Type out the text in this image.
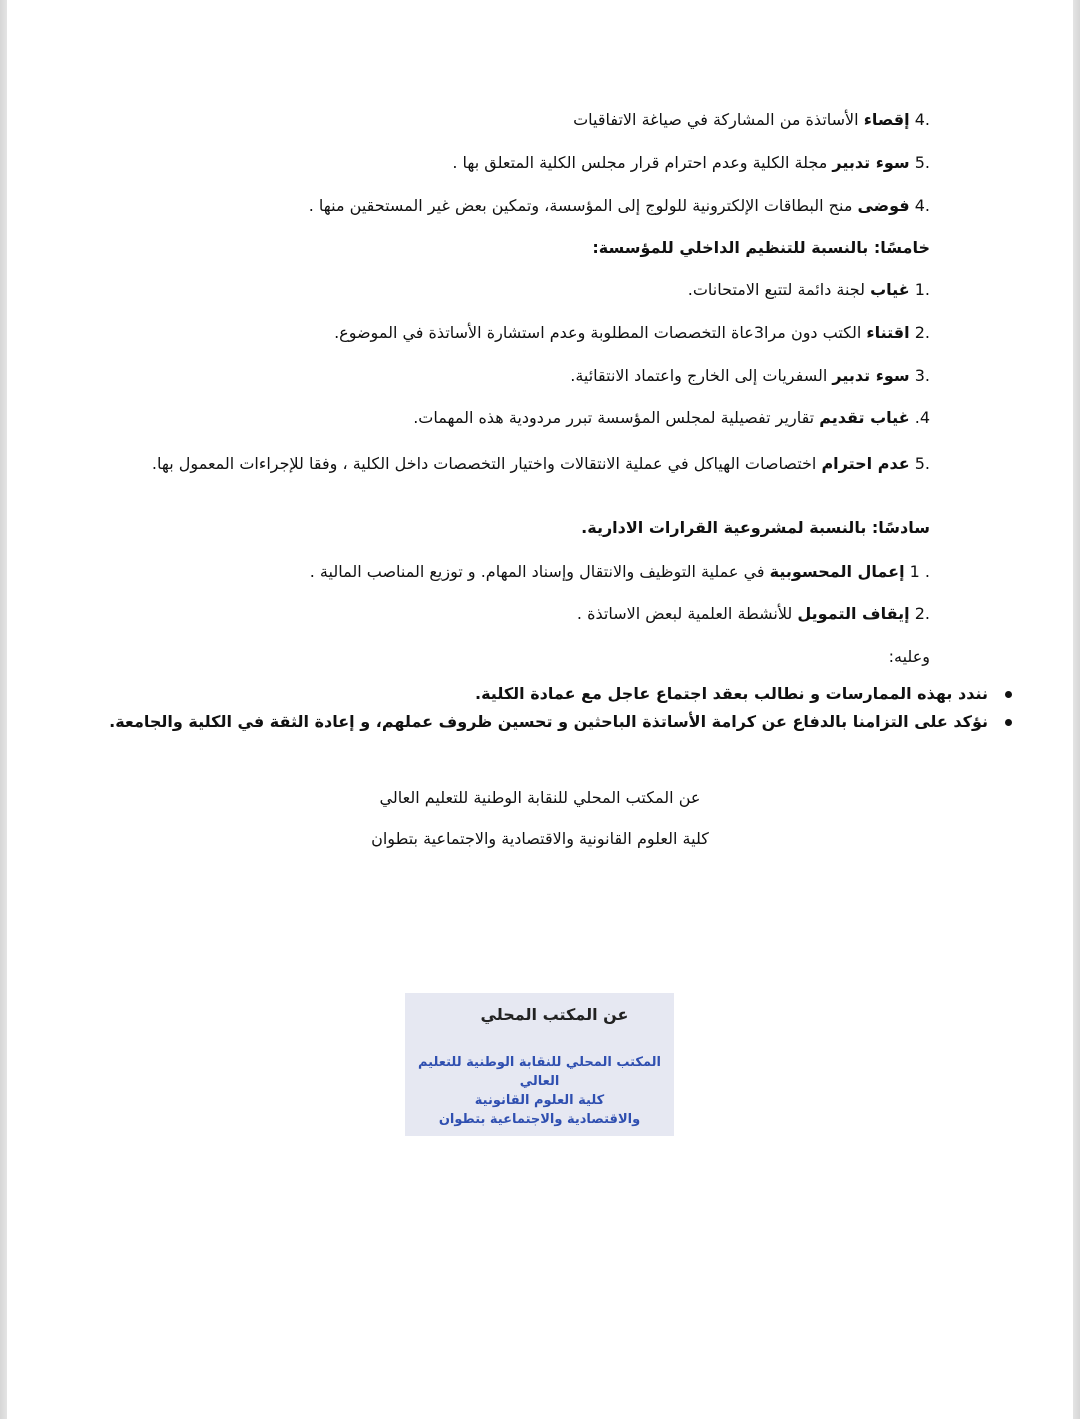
4. إقصاء الأساتذة من المشاركة في صياغة الاتفاقيات
5. سوء تدبير مجلة الكلية وعدم احترام قرار مجلس الكلية المتعلق بها .
4. فوضى منح البطاقات الإلكترونية للولوج إلى المؤسسة، وتمكين بعض غير المستحقين منها .
خامسًا: بالنسبة للتنظيم الداخلي للمؤسسة:
1. غياب لجنة دائمة لتتبع الامتحانات.
2. اقتناء الكتب دون مرا3عاة التخصصات المطلوبة وعدم استشارة الأساتذة في الموضوع.
3. سوء تدبير السفريات إلى الخارج واعتماد الانتقائية.
.4 غياب تقديم تقارير تفصيلية لمجلس المؤسسة تبرر مردودية هذه المهمات.
5. عدم احترام اختصاصات الهياكل في عملية الانتقالات واختيار التخصصات داخل الكلية ، وفقا للإجراءات المعمول بها.
سادسًا: بالنسبة لمشروعية القرارات الادارية.
1 . إعمال المحسوبية في عملية التوظيف والانتقال وإسناد المهام. و توزيع المناصب المالية .
2. إيقاف التمويل للأنشطة العلمية لبعض الاساتذة .
وعليه:
نندد بهذه الممارسات و نطالب بعقد اجتماع عاجل مع عمادة الكلية.
نؤكد على التزامنا بالدفاع عن كرامة الأساتذة الباحثين و تحسين ظروف عملهم، و إعادة الثقة في الكلية والجامعة.
عن المكتب المحلي للنقابة الوطنية للتعليم العالي
كلية العلوم القانونية والاقتصادية والاجتماعية بتطوان
عن المكتب المحلي
المكتب المحلي للنقابة الوطنية للتعليم العالي
كلية العلوم القانونية
والاقتصادية والاجتماعية بتطوان
